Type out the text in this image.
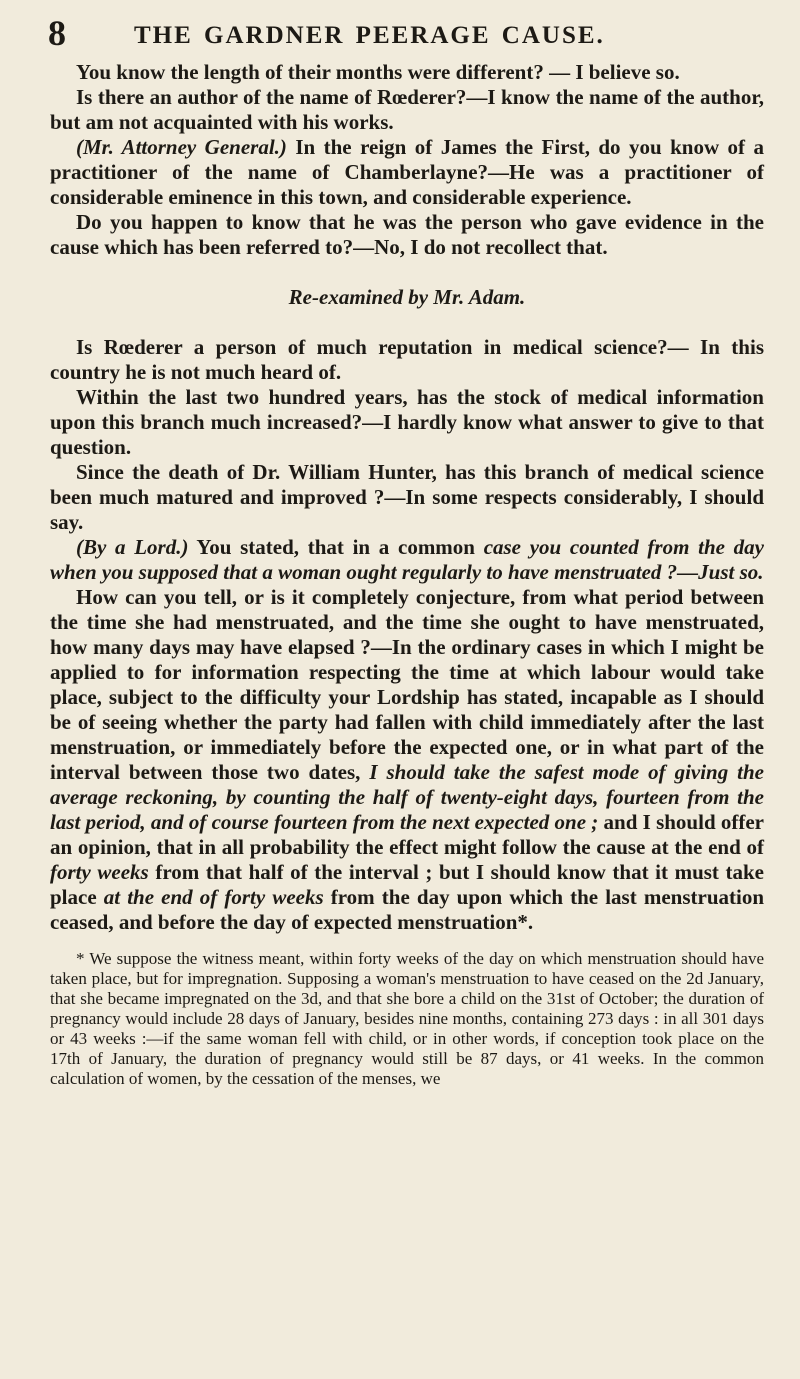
8	THE GARDNER PEERAGE CAUSE.

You know the length of their months were different? — I believe so.

Is there an author of the name of Rœderer?—I know the name of the author, but am not acquainted with his works.

(Mr. Attorney General.) In the reign of James the First, do you know of a practitioner of the name of Chamberlayne?—He was a practitioner of considerable eminence in this town, and considerable experience.

Do you happen to know that he was the person who gave evidence in the cause which has been referred to?—No, I do not recollect that.

Re-examined by Mr. Adam.

Is Rœderer a person of much reputation in medical science?— In this country he is not much heard of.

Within the last two hundred years, has the stock of medical information upon this branch much increased?—I hardly know what answer to give to that question.

Since the death of Dr. William Hunter, has this branch of medical science been much matured and improved ?—In some respects considerably, I should say.

(By a Lord.) You stated, that in a common case you counted from the day when you supposed that a woman ought regularly to have menstruated ?—Just so.

How can you tell, or is it completely conjecture, from what period between the time she had menstruated, and the time she ought to have menstruated, how many days may have elapsed ?—In the ordinary cases in which I might be applied to for information respecting the time at which labour would take place, subject to the difficulty your Lordship has stated, incapable as I should be of seeing whether the party had fallen with child immediately after the last menstruation, or immediately before the expected one, or in what part of the interval between those two dates, I should take the safest mode of giving the average reckoning, by counting the half of twenty-eight days, fourteen from the last period, and of course fourteen from the next expected one ; and I should offer an opinion, that in all probability the effect might follow the cause at the end of forty weeks from that half of the interval ; but I should know that it must take place at the end of forty weeks from the day upon which the last menstruation ceased, and before the day of expected menstruation*.

* We suppose the witness meant, within forty weeks of the day on which menstruation should have taken place, but for impregnation. Supposing a woman's menstruation to have ceased on the 2d January, that she became impregnated on the 3d, and that she bore a child on the 31st of October; the duration of pregnancy would include 28 days of January, besides nine months, containing 273 days : in all 301 days or 43 weeks :—if the same woman fell with child, or in other words, if conception took place on the 17th of January, the duration of pregnancy would still be 87 days, or 41 weeks. In the common calculation of women, by the cessation of the menses, we
